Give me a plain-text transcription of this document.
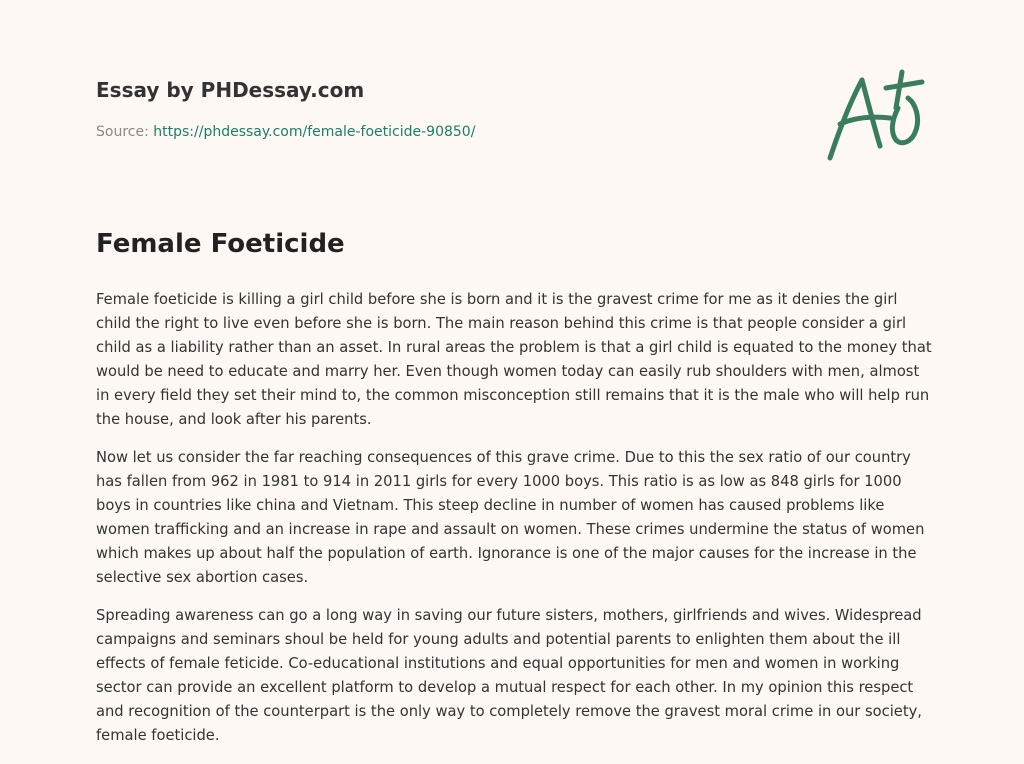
Essay by PHDessay.com
Source: https://phdessay.com/female-foeticide-90850/
Female Foeticide

Female foeticide is killing a girl child before she is born and it is the gravest crime for me as it denies the girl child the right to live even before she is born. The main reason behind this crime is that people consider a girl child as a liability rather than an asset. In rural areas the problem is that a girl child is equated to the money that would be need to educate and marry her. Even though women today can easily rub shoulders with men, almost in every field they set their mind to, the common misconception still remains that it is the male who will help run the house, and look after his parents.

Now let us consider the far reaching consequences of this grave crime. Due to this the sex ratio of our country has fallen from 962 in 1981 to 914 in 2011 girls for every 1000 boys. This ratio is as low as 848 girls for 1000 boys in countries like china and Vietnam. This steep decline in number of women has caused problems like women trafficking and an increase in rape and assault on women. These crimes undermine the status of women which makes up about half the population of earth. Ignorance is one of the major causes for the increase in the selective sex abortion cases.

Spreading awareness can go a long way in saving our future sisters, mothers, girlfriends and wives. Widespread campaigns and seminars shoul be held for young adults and potential parents to enlighten them about the ill effects of female feticide. Co-educational institutions and equal opportunities for men and women in working sector can provide an excellent platform to develop a mutual respect for each other. In my opinion this respect and recognition of the counterpart is the only way to completely remove the gravest moral crime in our society, female foeticide.
